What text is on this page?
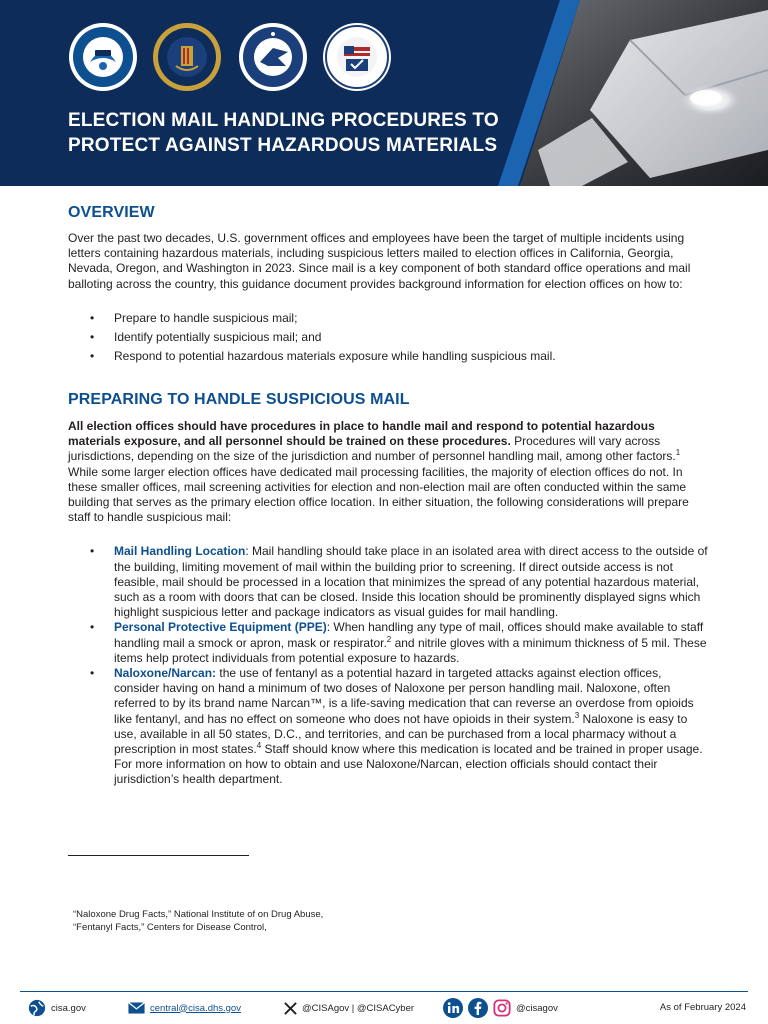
ELECTION MAIL HANDLING PROCEDURES TO
PROTECT AGAINST HAZARDOUS MATERIALS
OVERVIEW

Over the past two decades, U.S. government offices and employees have been the target of multiple incidents using letters containing hazardous materials, including suspicious letters mailed to election offices in California, Georgia, Nevada, Oregon, and Washington in 2023. Since mail is a key component of both standard office operations and mail balloting across the country, this guidance document provides background information for election offices on how to:

• Prepare to handle suspicious mail;
• Identify potentially suspicious mail; and
• Respond to potential hazardous materials exposure while handling suspicious mail.
PREPARING TO HANDLE SUSPICIOUS MAIL

All election offices should have procedures in place to handle mail and respond to potential hazardous materials exposure, and all personnel should be trained on these procedures. Procedures will vary across jurisdictions, depending on the size of the jurisdiction and number of personnel handling mail, among other factors.$^1$ While some larger election offices have dedicated mail processing facilities, the majority of election offices do not. In these smaller offices, mail screening activities for election and non-election mail are often conducted within the same building that serves as the primary election office location. In either situation, the following considerations will prepare staff to handle suspicious mail:

• Mail Handling Location: Mail handling should take place in an isolated area with direct access to the outside of the building, limiting movement of mail within the building prior to screening. If direct outside access is not feasible, mail should be processed in a location that minimizes the spread of any potential hazardous material, such as a room with doors that can be closed. Inside this location should be prominently displayed signs which highlight suspicious letter and package indicators as visual guides for mail handling.
• Personal Protective Equipment (PPE): When handling any type of mail, offices should make available to staff handling mail a smock or apron, mask or respirator.$^2$ and nitrile gloves with a minimum thickness of 5 mil. These items help protect individuals from potential exposure to hazards.
• Naloxone/Narcan: the use of fentanyl as a potential hazard in targeted attacks against election offices, consider having on hand a minimum of two doses of Naloxone per person handling mail. Naloxone, often referred to by its brand name Narcan™, is a life-saving medication that can reverse an overdose from opioids like fentanyl, and has no effect on someone who does not have opioids in their system.$^3$ Naloxone is easy to use, available in all 50 states, D.C., and territories, and can be purchased from a local pharmacy without a prescription in most states.$^4$ Staff should know where this medication is located and be trained in proper usage. For more information on how to obtain and use Naloxone/Narcan, election officials should contact their jurisdiction’s health department.

“Naloxone Drug Facts,” National Institute of on Drug Abuse,

“Fentanyl Facts,” Centers for Disease Control,

cisa.gov	central@cisa.dhs.gov	@CISAgov | @CISACyber	@cisagov	As of February 2024
